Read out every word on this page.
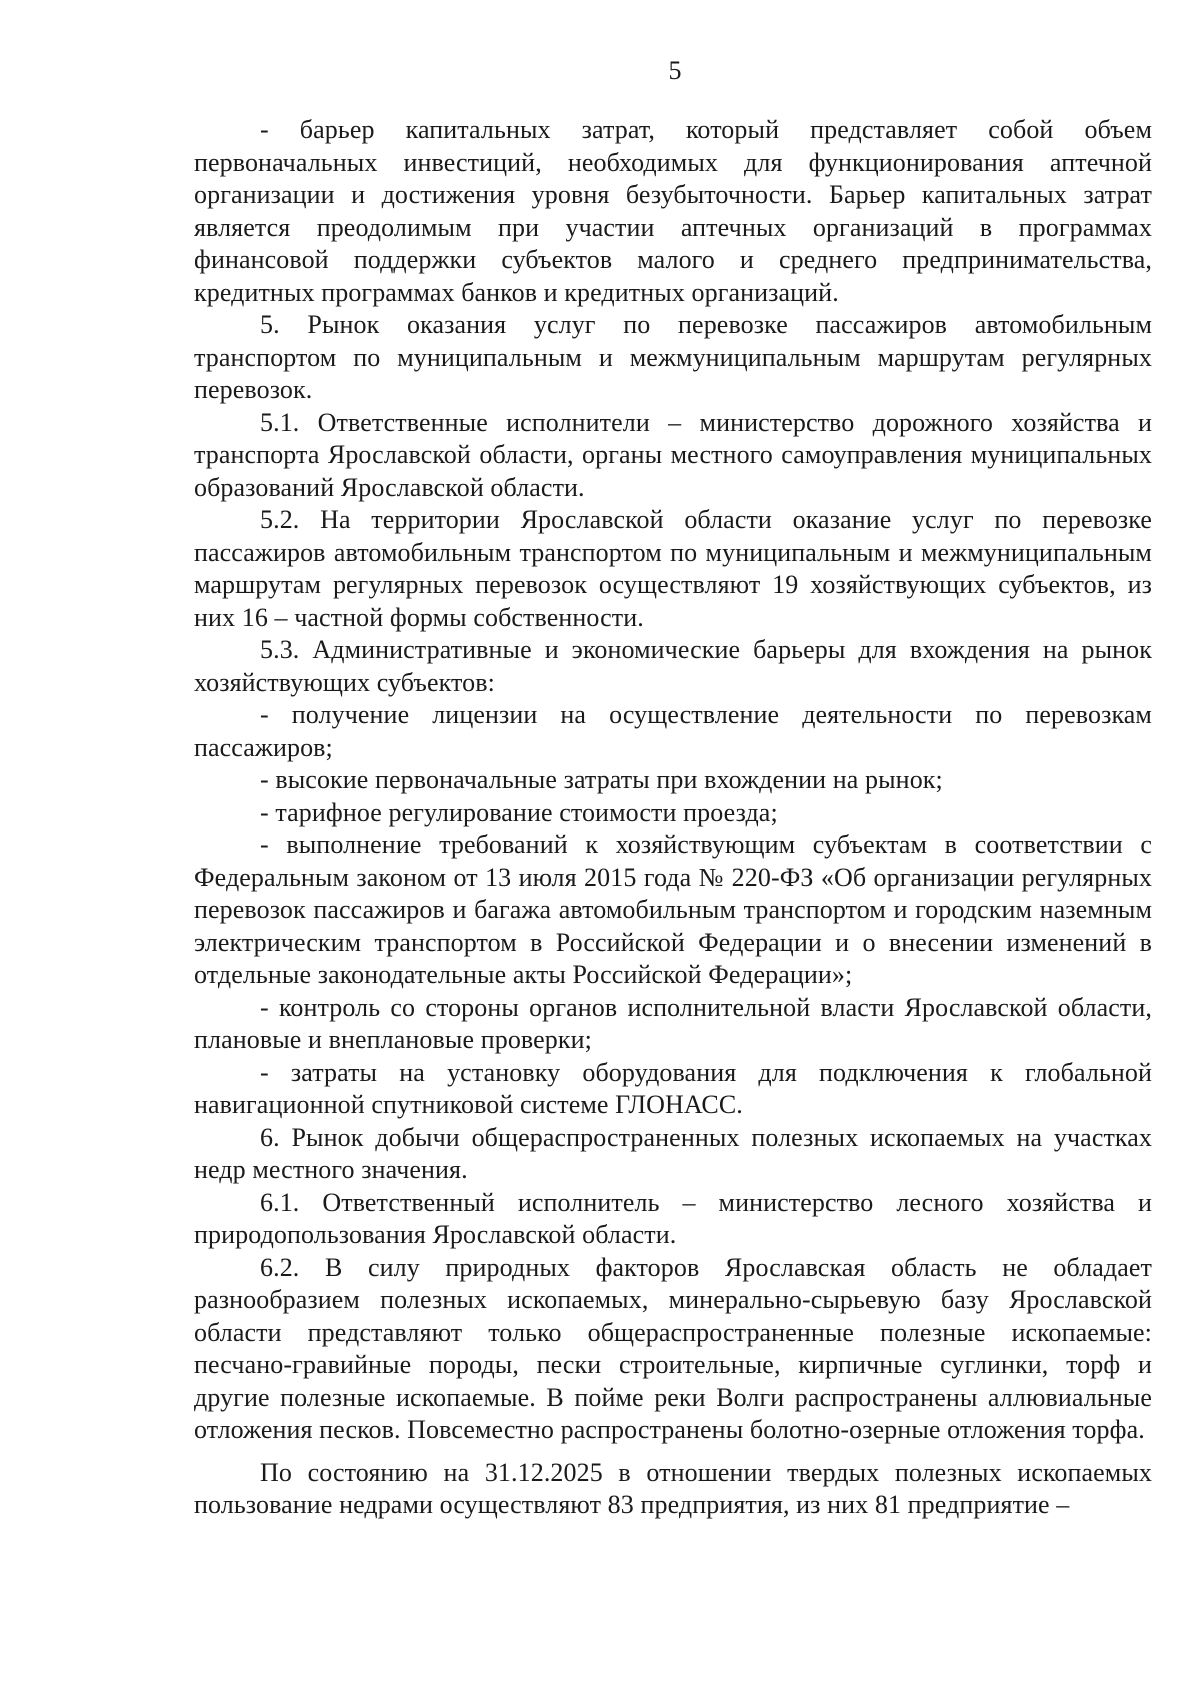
5

- барьер капитальных затрат, который представляет собой объем первоначальных инвестиций, необходимых для функционирования аптечной организации и достижения уровня безубыточности. Барьер капитальных затрат является преодолимым при участии аптечных организаций в программах финансовой поддержки субъектов малого и среднего предпринимательства, кредитных программах банков и кредитных организаций.

5. Рынок оказания услуг по перевозке пассажиров автомобильным транспортом по муниципальным и межмуниципальным маршрутам регулярных перевозок.

5.1. Ответственные исполнители – министерство дорожного хозяйства и транспорта Ярославской области, органы местного самоуправления муниципальных образований Ярославской области.

5.2. На территории Ярославской области оказание услуг по перевозке пассажиров автомобильным транспортом по муниципальным и межмуниципальным маршрутам регулярных перевозок осуществляют 19 хозяйствующих субъектов, из них 16 – частной формы собственности.

5.3. Административные и экономические барьеры для вхождения на рынок хозяйствующих субъектов:

- получение лицензии на осуществление деятельности по перевозкам пассажиров;

- высокие первоначальные затраты при вхождении на рынок;

- тарифное регулирование стоимости проезда;

- выполнение требований к хозяйствующим субъектам в соответствии с Федеральным законом от 13 июля 2015 года № 220-ФЗ «Об организации регулярных перевозок пассажиров и багажа автомобильным транспортом и городским наземным электрическим транспортом в Российской Федерации и о внесении изменений в отдельные законодательные акты Российской Федерации»;

- контроль со стороны органов исполнительной власти Ярославской области, плановые и внеплановые проверки;

- затраты на установку оборудования для подключения к глобальной навигационной спутниковой системе ГЛОНАСС.

6. Рынок добычи общераспространенных полезных ископаемых на участках недр местного значения.

6.1. Ответственный исполнитель – министерство лесного хозяйства и природопользования Ярославской области.

6.2. В силу природных факторов Ярославская область не обладает разнообразием полезных ископаемых, минерально-сырьевую базу Ярославской области представляют только общераспространенные полезные ископаемые: песчано-гравийные породы, пески строительные, кирпичные суглинки, торф и другие полезные ископаемые. В пойме реки Волги распространены аллювиальные отложения песков. Повсеместно распространены болотно-озерные отложения торфа.

По состоянию на 31.12.2025 в отношении твердых полезных ископаемых пользование недрами осуществляют 83 предприятия, из них 81 предприятие –
